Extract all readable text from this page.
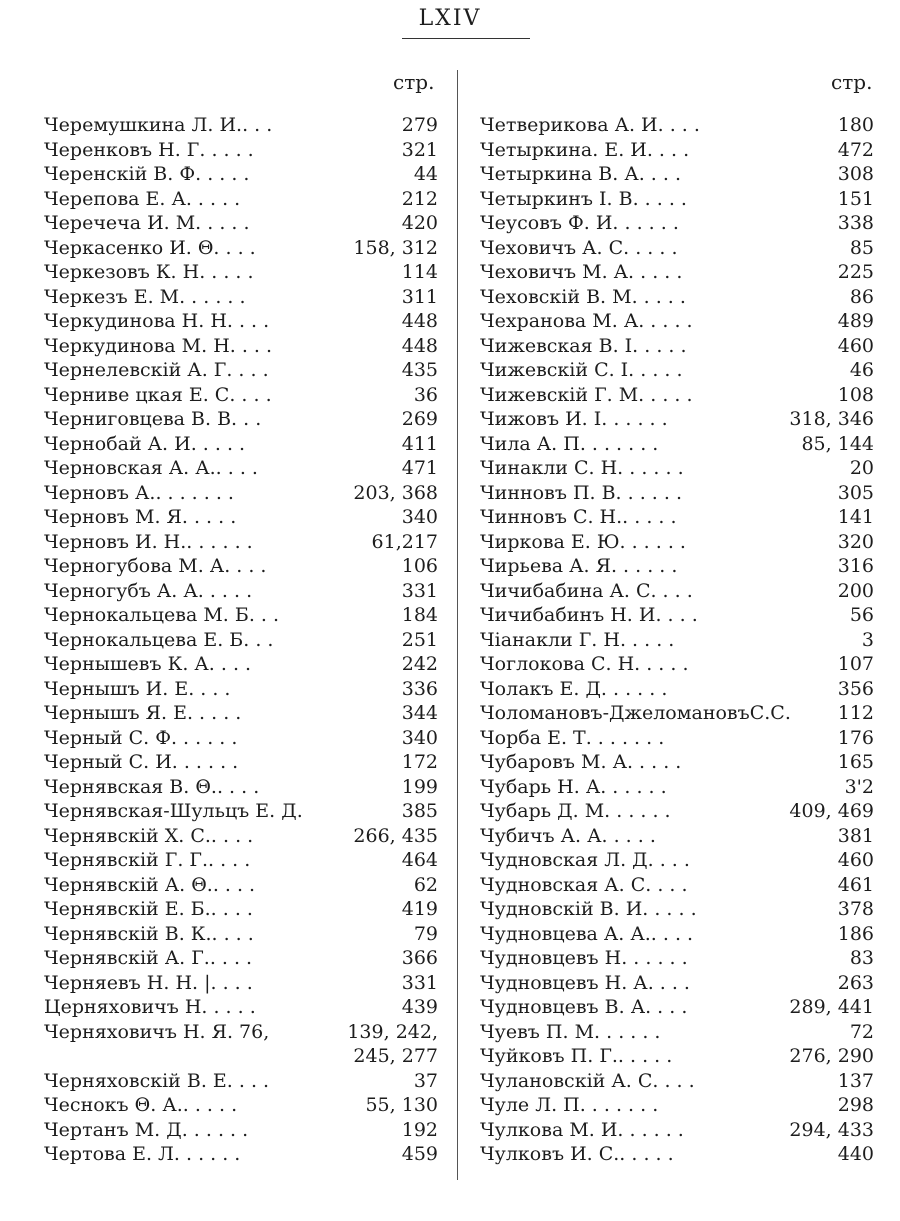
LXIV
стр.	стр.
Черемушкина Л. И.. . .	279
Черенковъ Н. Г. . . . .	321
Черенскій В. Ф. . . . .	44
Черепова Е. А. . . . .	212
Черечеча И. М. . . . .	420
Черкасенко И. Θ. . . .	158, 312
Черкезовъ К. Н. . . . .	114
Черкезъ Е. М. . . . . .	311
Черкудинова Н. Н. . . .	448
Черкудинова М. Н. . . .	448
Чернелевскій А. Г. . . .	435
Черниве цкая Е. С. . . .	36
Черниговцева В. В. . .	269
Чернобай А. И. . . . .	411
Черновская А. А.. . . .	471
Черновъ А.. . . . . . .	203, 368
Черновъ М. Я. . . . .	340
Черновъ И. Н.. . . . . .	61,217
Черногубова М. А. . . .	106
Черногубъ А. А. . . . .	331
Чернокальцева М. Б. . .	184
Чернокальцева Е. Б. . .	251
Чернышевъ К. А. . . .	242
Чернышъ И. Е. . . .	336
Чернышъ Я. Е. . . . .	344
Черный С. Ф. . . . . .	340
Черный С. И. . . . . .	172
Чернявская В. Θ.. . . .	199
Чернявская-Шульцъ Е. Д.	385
Чернявскій Х. С.. . . .	266, 435
Чернявскій Г. Г.. . . .	464
Чернявскій А. Θ.. . . .	62
Чернявскій Е. Б.. . . .	419
Чернявскій В. К.. . . .	79
Чернявскій А. Г.. . . .	366
Черняевъ Н. Н. |. . . .	331
Церняховичъ Н. . . . .	439
Черняховичъ Н. Я. 76,	139, 242,
245, 277
Черняховскій В. Е. . . .	37
Чеснокъ Θ. А.. . . . .	55, 130
Чертанъ М. Д. . . . . .	192
Чертова Е. Л. . . . . .	459
Четверикова А. И. . . .	180
Четыркина. Е. И. . . .	472
Четыркина В. А. . . .	308
Четыркинъ І. В. . . . .	151
Чеусовъ Ф. И. . . . . .	338
Чеховичъ А. С. . . . .	85
Чеховичъ М. А. . . . .	225
Чеховскій В. М. . . . .	86
Чехранова М. А. . . . .	489
Чижевская В. І. . . . .	460
Чижевскій С. І. . . . .	46
Чижевскій Г. М. . . . .	108
Чижовъ И. І. . . . . .	318, 346
Чила А. П. . . . . . .	85, 144
Чинакли С. Н. . . . . .	20
Чинновъ П. В. . . . . .	305
Чинновъ С. Н.. . . . .	141
Чиркова Е. Ю. . . . . .	320
Чирьева А. Я. . . . . .	316
Чичибабина А. С. . . .	200
Чичибабинъ Н. И. . . .	56
Чіанакли Г. Н. . . . .	3
Чоглокова С. Н. . . . .	107
Чолакъ Е. Д. . . . . .	356
Чоломановъ-ДжеломановъС.С. 112
Чорба Е. Т. . . . . . .	176
Чубаровъ М. А. . . . .	165
Чубарь Н. А. . . . . .	3'2
Чубарь Д. М. . . . . .	409, 469
Чубичъ А. А. . . . .	381
Чудновская Л. Д. . . .	460
Чудновская А. С. . . .	461
Чудновскій В. И. . . . .	378
Чудновцева А. А.. . . .	186
Чудновцевъ Н. . . . . .	83
Чудновцевъ Н. А. . . .	263
Чудновцевъ В. А. . . .	289, 441
Чуевъ П. М. . . . . .	72
Чуйковъ П. Г.. . . . .	276, 290
Чулановскій А. С. . . .	137
Чуле Л. П. . . . . . .	298
Чулкова М. И. . . . . .	294, 433
Чулковъ И. С.. . . . .	440
